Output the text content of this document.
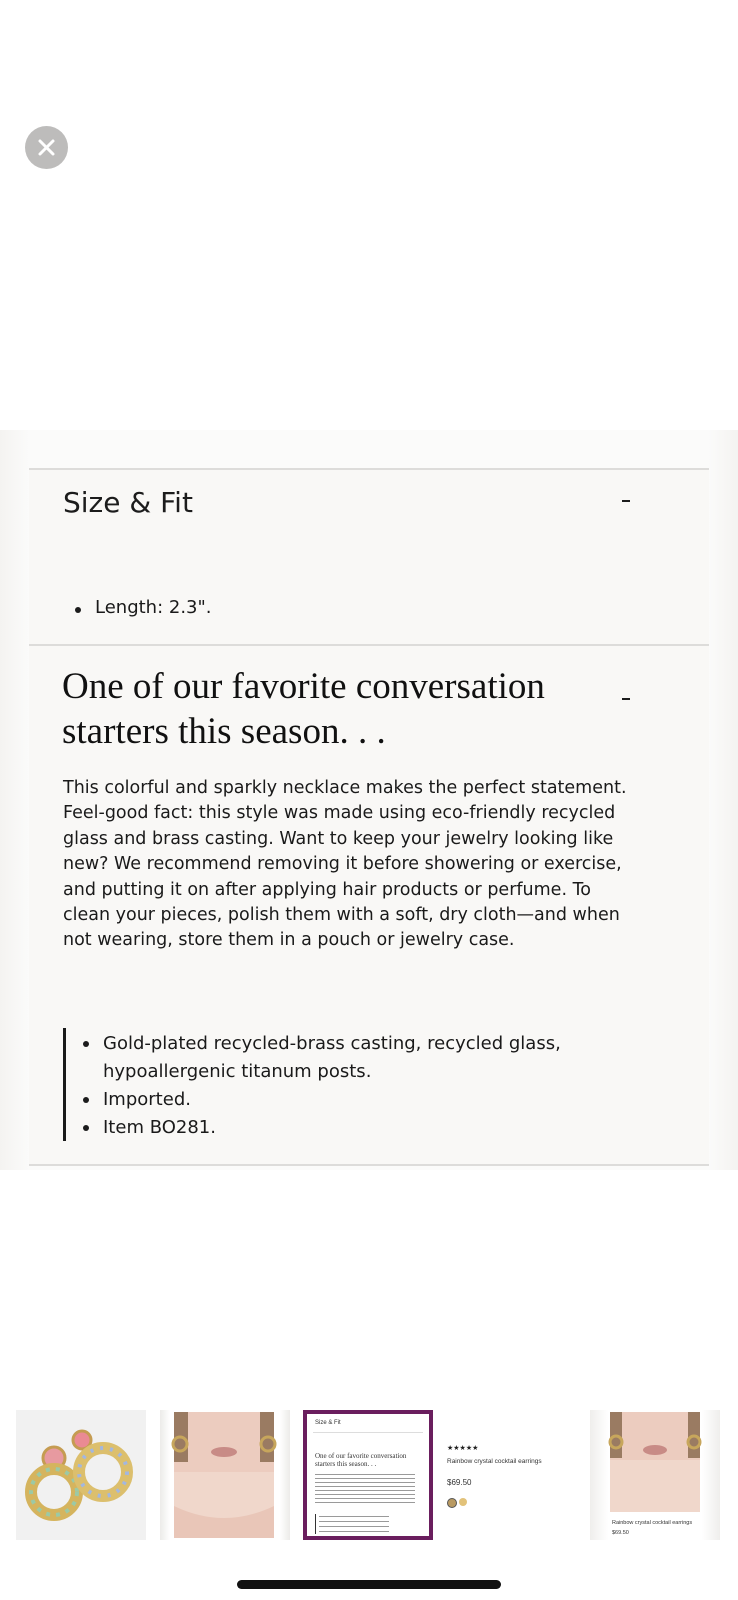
Size & Fit
Length: 2.3".
One of our favorite conversation starters this season. . .

This colorful and sparkly necklace makes the perfect statement. Feel-good fact: this style was made using eco-friendly recycled glass and brass casting. Want to keep your jewelry looking like new? We recommend removing it before showering or exercise, and putting it on after applying hair products or perfume. To clean your pieces, polish them with a soft, dry cloth—and when not wearing, store them in a pouch or jewelry case.

Gold-plated recycled-brass casting, recycled glass, hypoallergenic titanum posts.
Imported.
Item BO281.
Size & Fit
One of our favorite conversation starters this season. . .
★★★★★
Rainbow crystal cocktail earrings
$69.50
Rainbow crystal cocktail earrings
$69.50
